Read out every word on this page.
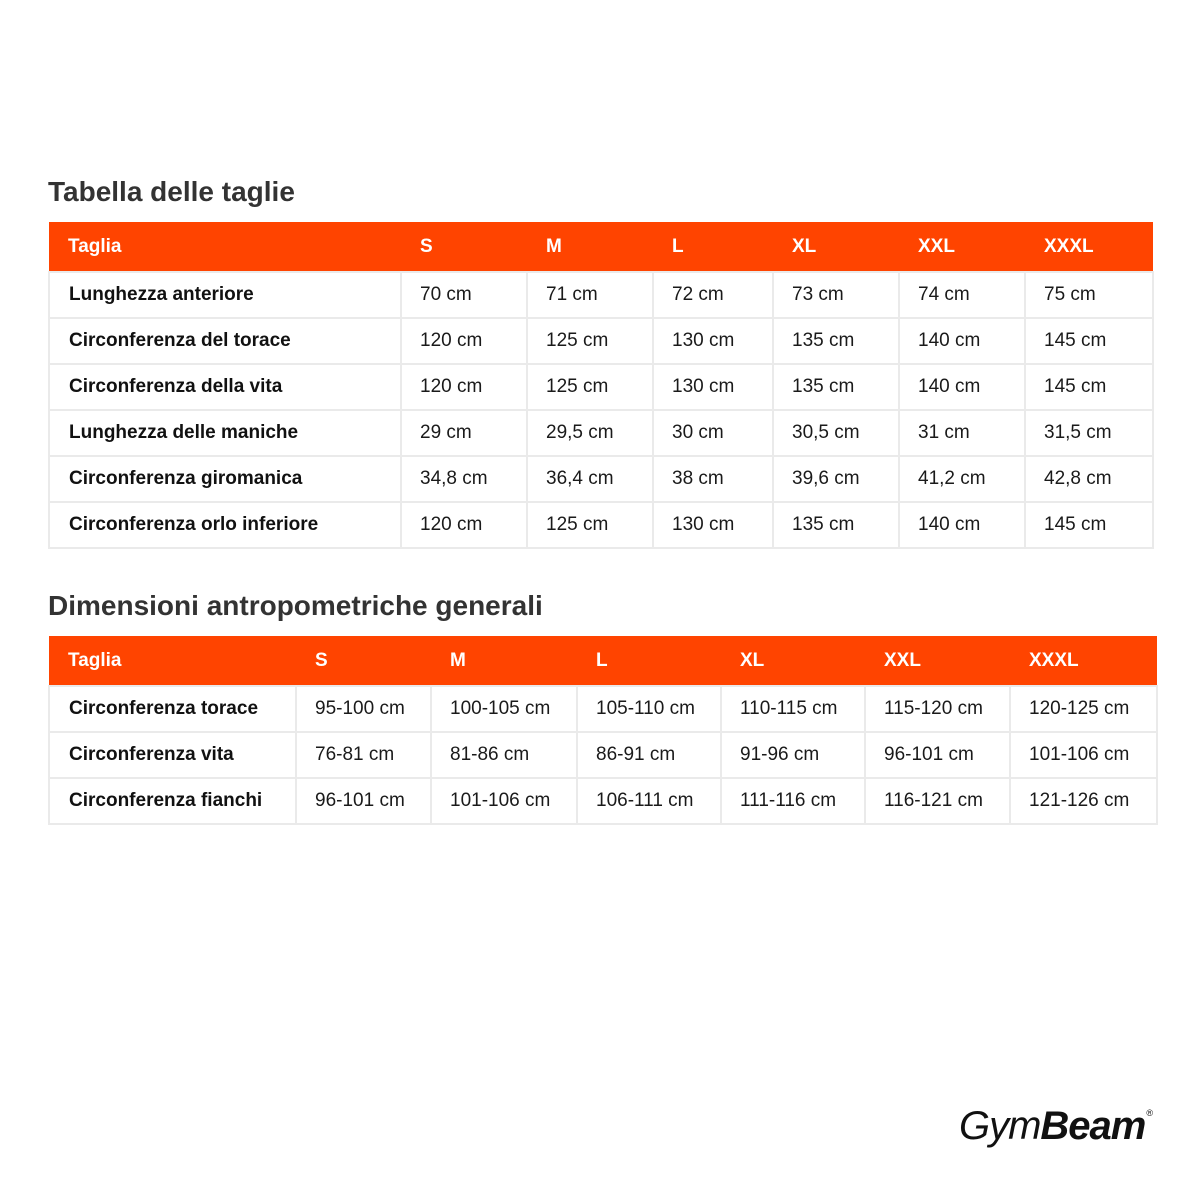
Tabella delle taglie
Taglia	S	M	L	XL	XXL	XXXL
Lunghezza anteriore	70 cm	71 cm	72 cm	73 cm	74 cm	75 cm
Circonferenza del torace	120 cm	125 cm	130 cm	135 cm	140 cm	145 cm
Circonferenza della vita	120 cm	125 cm	130 cm	135 cm	140 cm	145 cm
Lunghezza delle maniche	29 cm	29,5 cm	30 cm	30,5 cm	31 cm	31,5 cm
Circonferenza giromanica	34,8 cm	36,4 cm	38 cm	39,6 cm	41,2 cm	42,8 cm
Circonferenza orlo inferiore	120 cm	125 cm	130 cm	135 cm	140 cm	145 cm
Dimensioni antropometriche generali
Taglia	S	M	L	XL	XXL	XXXL
Circonferenza torace	95-100 cm	100-105 cm	105-110 cm	110-115 cm	115-120 cm	120-125 cm
Circonferenza vita	76-81 cm	81-86 cm	86-91 cm	91-96 cm	96-101 cm	101-106 cm
Circonferenza fianchi	96-101 cm	101-106 cm	106-111 cm	111-116 cm	116-121 cm	121-126 cm
GymBeam®
